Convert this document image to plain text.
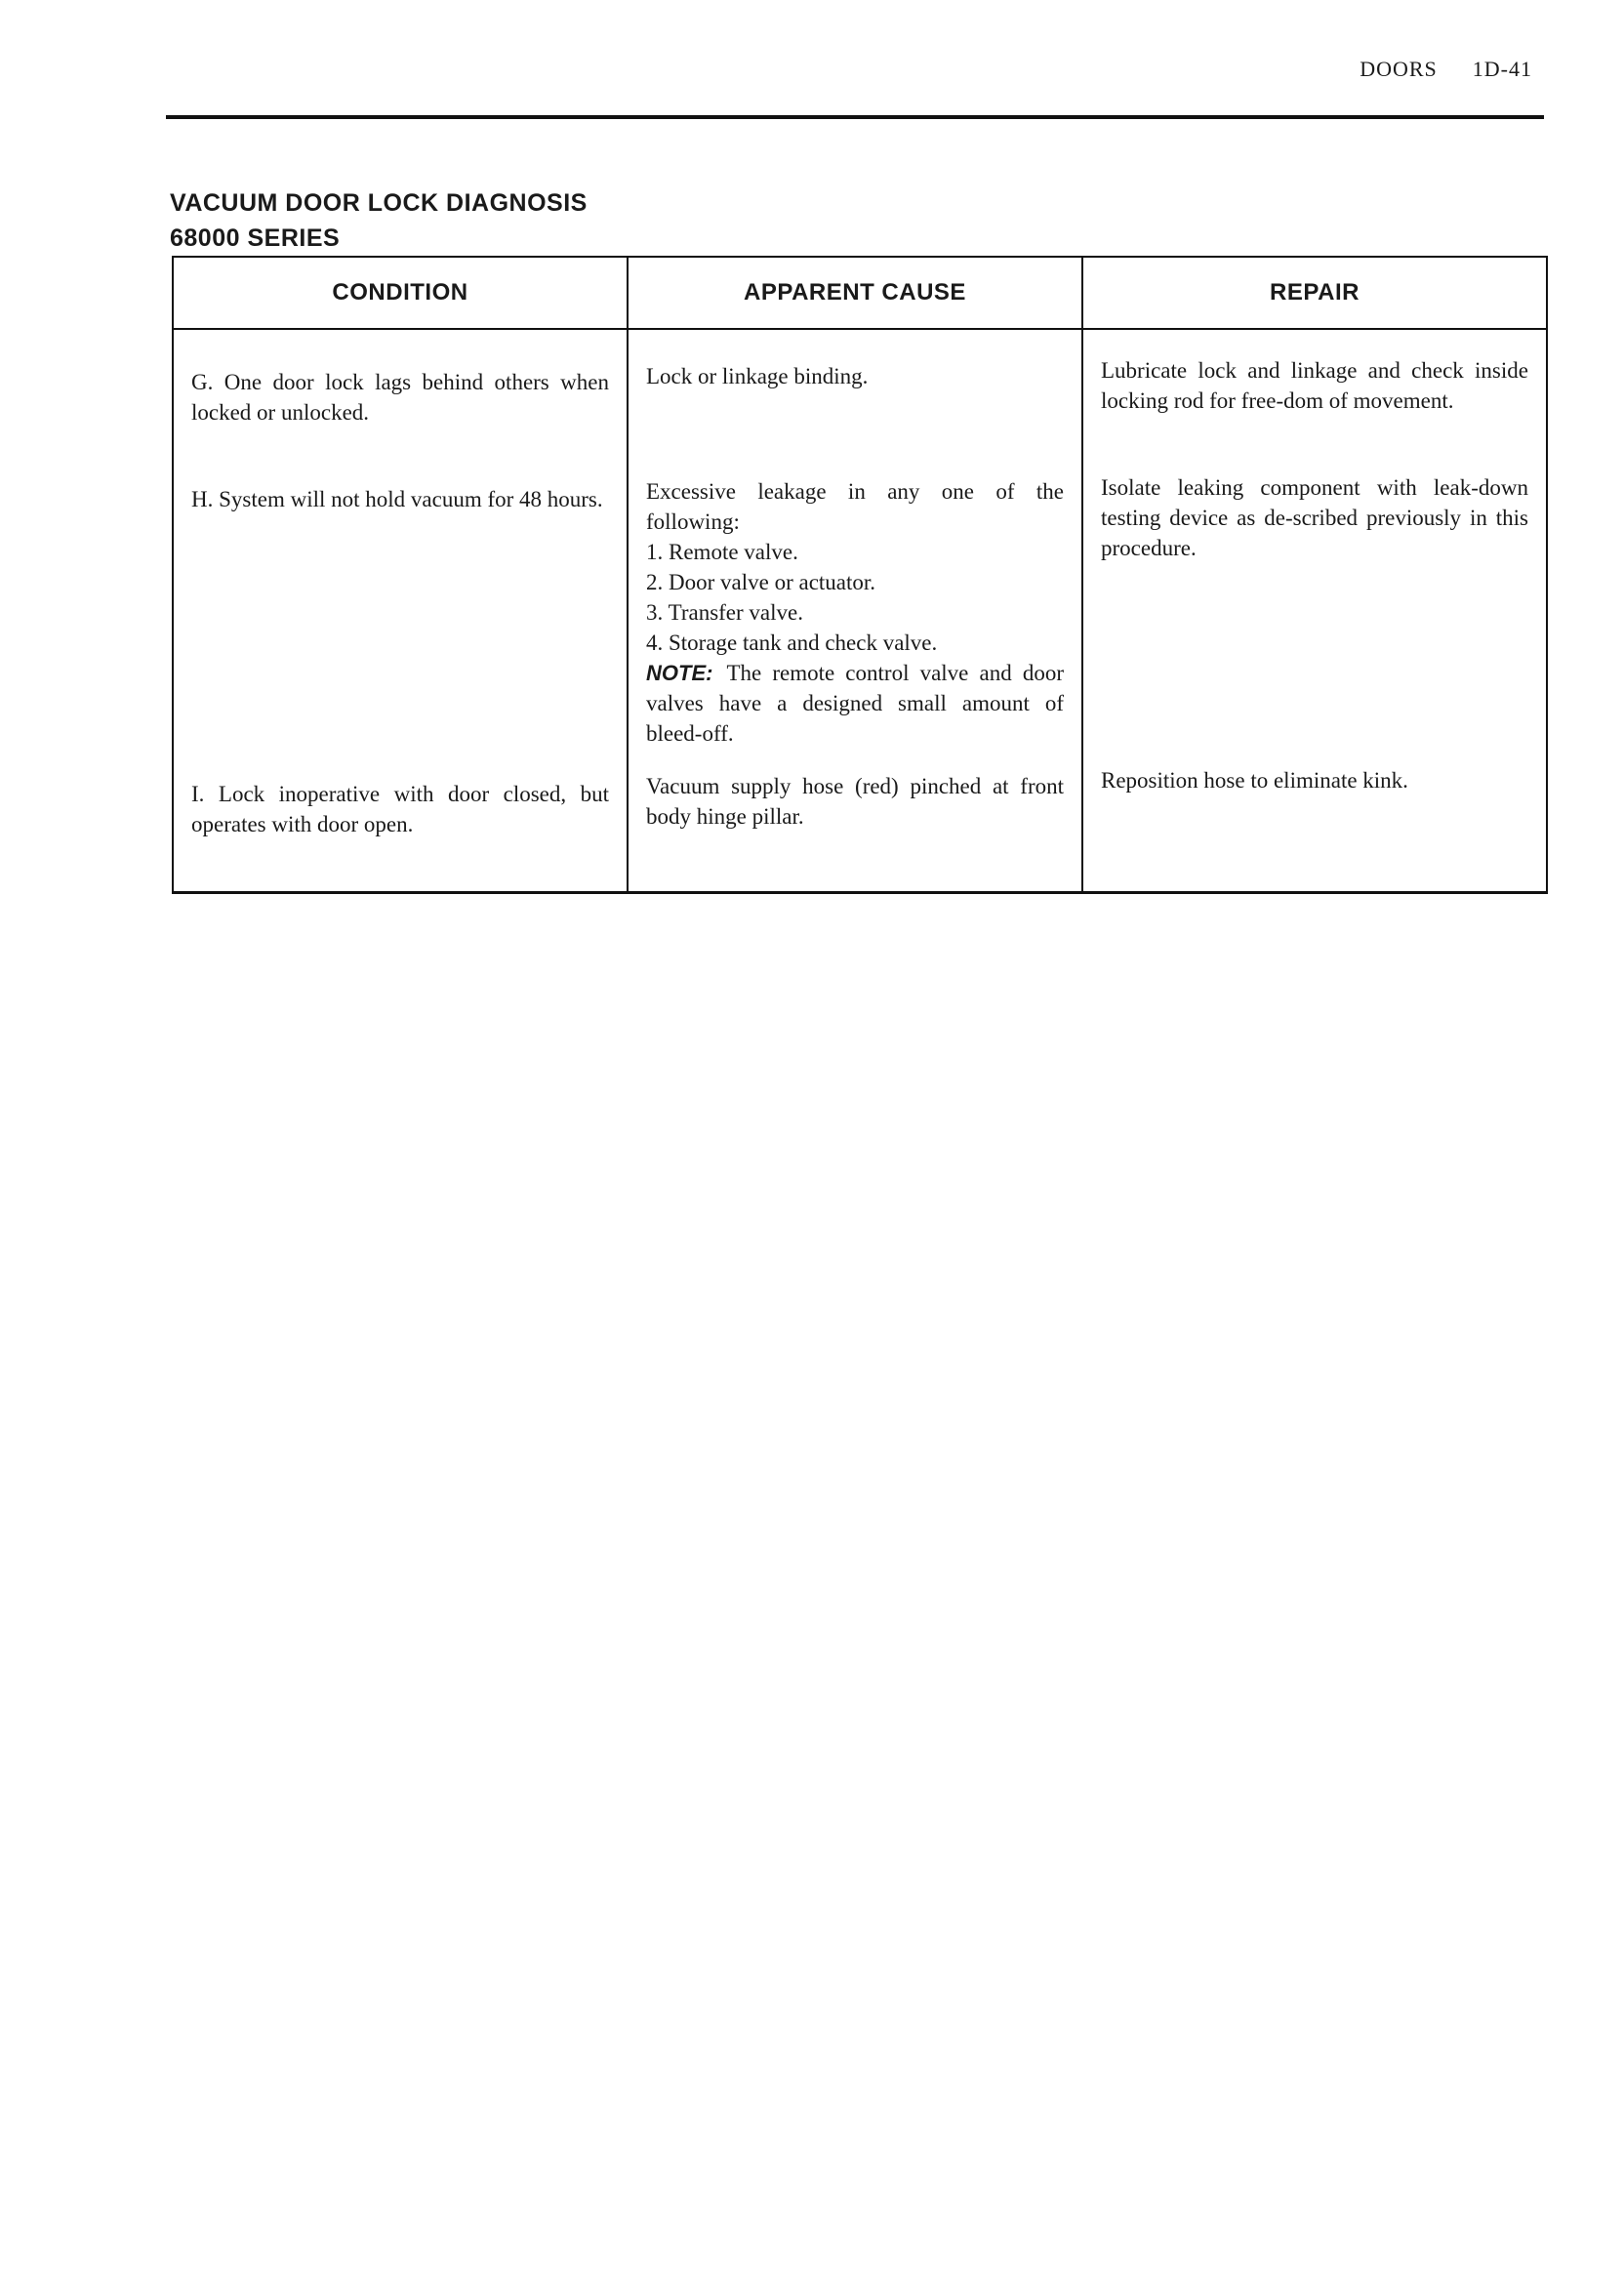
DOORS 1D-41
VACUUM DOOR LOCK DIAGNOSIS
68000 SERIES
CONDITION
G. One door lock lags behind others when locked or unlocked.
H. System will not hold vacuum for 48 hours.
I. Lock inoperative with door closed, but operates with door open.
APPARENT CAUSE
Lock or linkage binding.
Excessive leakage in any one of the following:
1. Remote valve.
2. Door valve or actuator.
3. Transfer valve.
4. Storage tank and check valve.
NOTE: The remote control valve and door valves have a designed small amount of bleed-off.
Vacuum supply hose (red) pinched at front body hinge pillar.
REPAIR
Lubricate lock and linkage and check inside locking rod for free-dom of movement.
Isolate leaking component with leak-down testing device as de-scribed previously in this procedure.
Reposition hose to eliminate kink.
